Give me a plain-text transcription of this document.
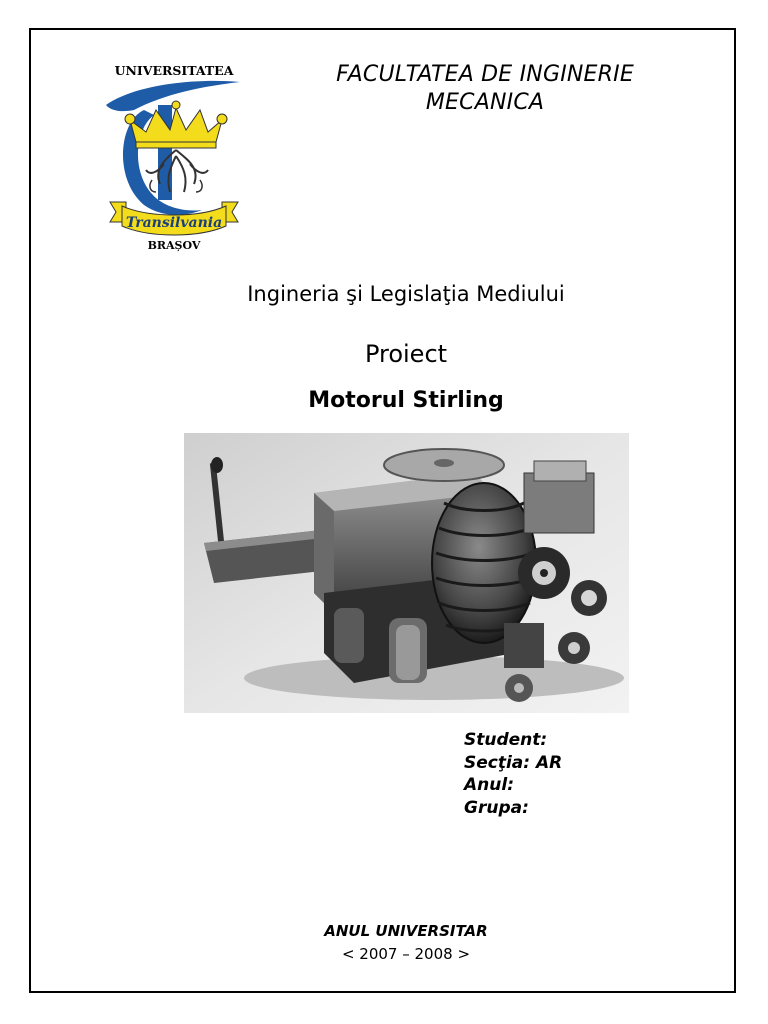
UNIVERSITATEA
Transilvania
BRAȘOV
FACULTATEA DE INGINERIE
MECANICA
Ingineria şi Legislaţia Mediului
Proiect
Motorul Stirling
Student:
Secţia: AR
Anul:
Grupa:
ANUL UNIVERSITAR
< 2007 – 2008 >
